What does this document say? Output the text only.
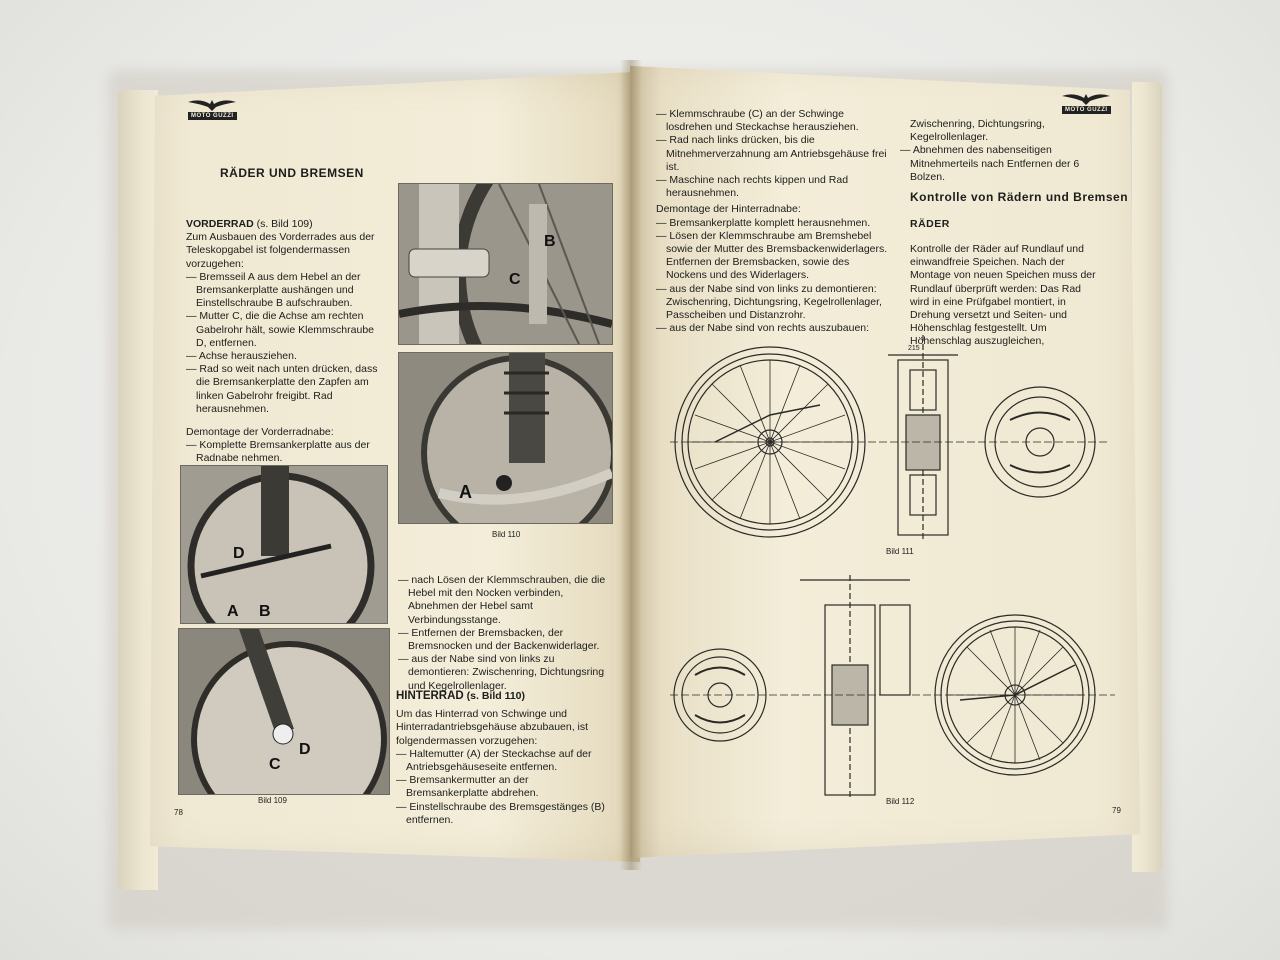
MOTO GUZZI
RÄDER UND BREMSEN

VORDERRAD (s. Bild 109)

Zum Ausbauen des Vorderrades aus der Teleskopgabel ist folgendermassen vorzugehen:

— Bremsseil A aus dem Hebel an der Bremsankerplatte aushängen und Einstellschraube B aufschrauben.
— Mutter C, die die Achse am rechten Gabelrohr hält, sowie Klemmschraube D, entfernen.
— Achse herausziehen.
— Rad so weit nach unten drücken, dass die Bremsankerplatte den Zapfen am linken Gabelrohr freigibt. Rad herausnehmen.

Demontage der Vorderradnabe:

— Komplette Bremsankerplatte aus der Radnabe nehmen.
B
C
A
Bild 110
D
A B
D
C
Bild 109
— nach Lösen der Klemmschrauben, die die Hebel mit den Nocken verbinden, Abnehmen der Hebel samt Verbindungsstange.
— Entfernen der Bremsbacken, der Bremsnocken und der Backenwiderlager.
— aus der Nabe sind von links zu demontieren: Zwischenring, Dichtungsring und Kegelrollenlager.

HINTERRAD (s. Bild 110)

Um das Hinterrad von Schwinge und Hinterradantriebsgehäuse abzubauen, ist folgendermassen vorzugehen:

— Haltemutter (A) der Steckachse auf der Antriebsgehäuseseite entfernen.
— Bremsankermutter an der Bremsankerplatte abdrehen.
— Einstellschraube des Bremsgestänges (B) entfernen.
78
MOTO GUZZI
— Klemmschraube (C) an der Schwinge losdrehen und Steckachse herausziehen.
— Rad nach links drücken, bis die Mitnehmerverzahnung am Antriebsgehäuse frei ist.
— Maschine nach rechts kippen und Rad herausnehmen.

Demontage der Hinterradnabe:

— Bremsankerplatte komplett herausnehmen.
— Lösen der Klemmschraube am Bremshebel sowie der Mutter des Bremsbackenwiderlagers. Entfernen der Bremsbacken, sowie des Nockens und des Widerlagers.
— aus der Nabe sind von links zu demontieren: Zwischenring, Dichtungsring, Kegelrollenlager, Passcheiben und Distanzrohr.
— aus der Nabe sind von rechts auszubauen:

Zwischenring, Dichtungsring, Kegelrollenlager.

— Abnehmen des nabenseitigen Mitnehmerteils nach Entfernen der 6 Bolzen.
Kontrolle von Rädern und Bremsen
RÄDER
Kontrolle der Räder auf Rundlauf und einwandfreie Speichen. Nach der Montage von neuen Speichen muss der Rundlauf überprüft werden: Das Rad wird in eine Prüfgabel montiert, in Drehung versetzt und Seiten- und Höhenschlag festgestellt. Um Höhenschlag auszugleichen,
215
Bild 111
Bild 112
79
